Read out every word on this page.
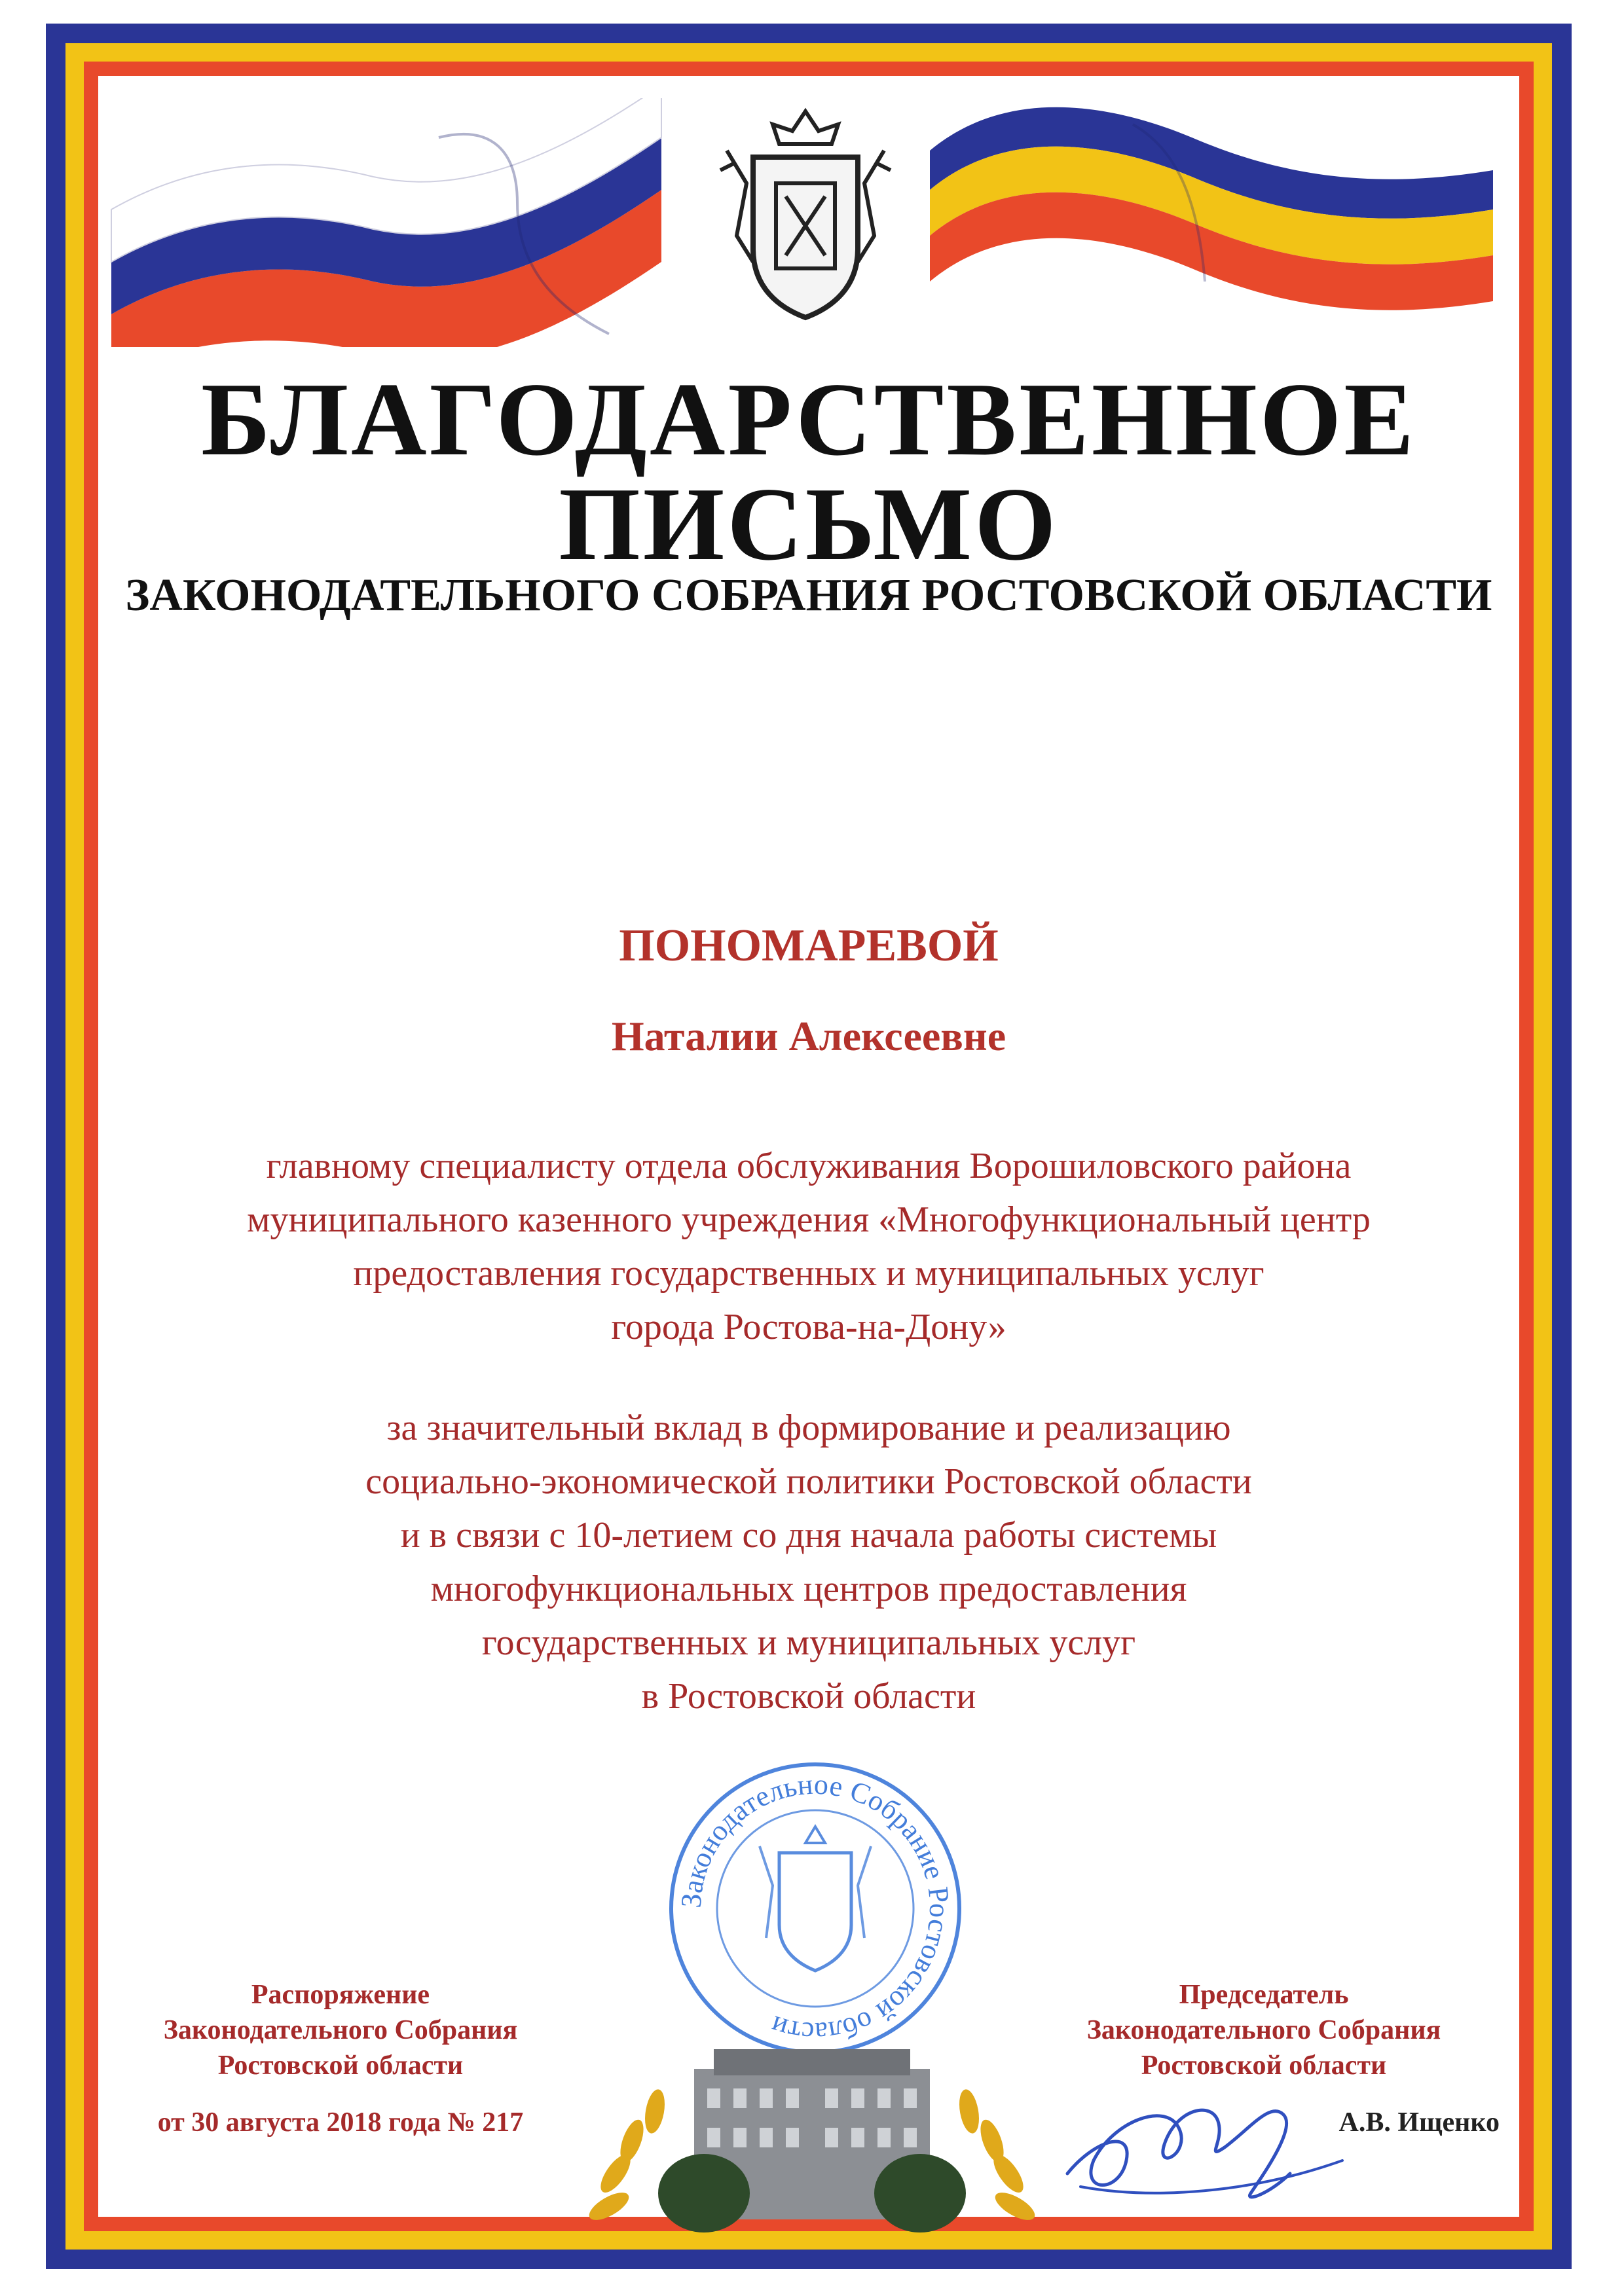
БЛАГОДАРСТВЕННОЕ
ПИСЬМО
ЗАКОНОДАТЕЛЬНОГО СОБРАНИЯ РОСТОВСКОЙ ОБЛАСТИ
ПОНОМАРЕВОЙ
Наталии Алексеевне
главному специалисту отдела обслуживания Ворошиловского района
муниципального казенного учреждения «Многофункциональный центр
предоставления государственных и муниципальных услуг
города Ростова-на-Дону»
за значительный вклад в формирование и реализацию
социально-экономической политики Ростовской области
и в связи с 10-летием со дня начала работы системы
многофункциональных центров предоставления
государственных и муниципальных услуг
в Ростовской области
Законодательное Собрание Ростовской области
Распоряжение
Законодательного Собрания
Ростовской области
от 30 августа 2018 года № 217
Председатель
Законодательного Собрания
Ростовской области
А.В. Ищенко
